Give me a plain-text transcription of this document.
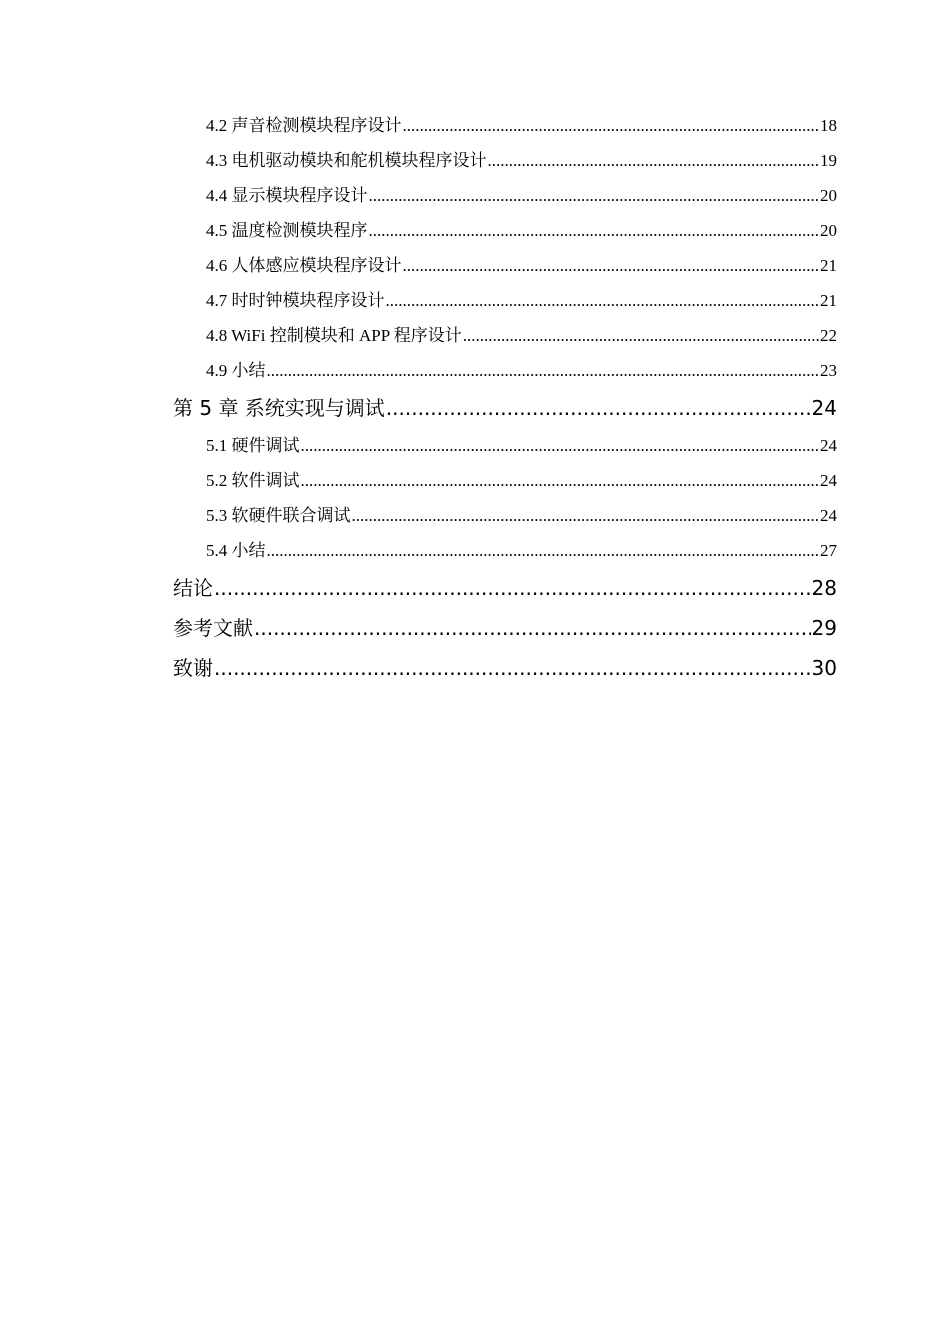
4.2 声音检测模块程序设计 .....	18
4.3 电机驱动模块和舵机模块程序设计 .....	19
4.4 显示模块程序设计 .....	20
4.5 温度检测模块程序 .....	20
4.6 人体感应模块程序设计 .....	21
4.7 时时钟模块程序设计 .....	21
4.8 WiFi 控制模块和 APP 程序设计 .....	22
4.9 小结 .....	23
第 5 章 系统实现与调试 .....	24
5.1 硬件调试 .....	24
5.2 软件调试 .....	24
5.3 软硬件联合调试 .....	24
5.4 小结 .....	27
结论 .....	28
参考文献 .....	29
致谢 .....	30
